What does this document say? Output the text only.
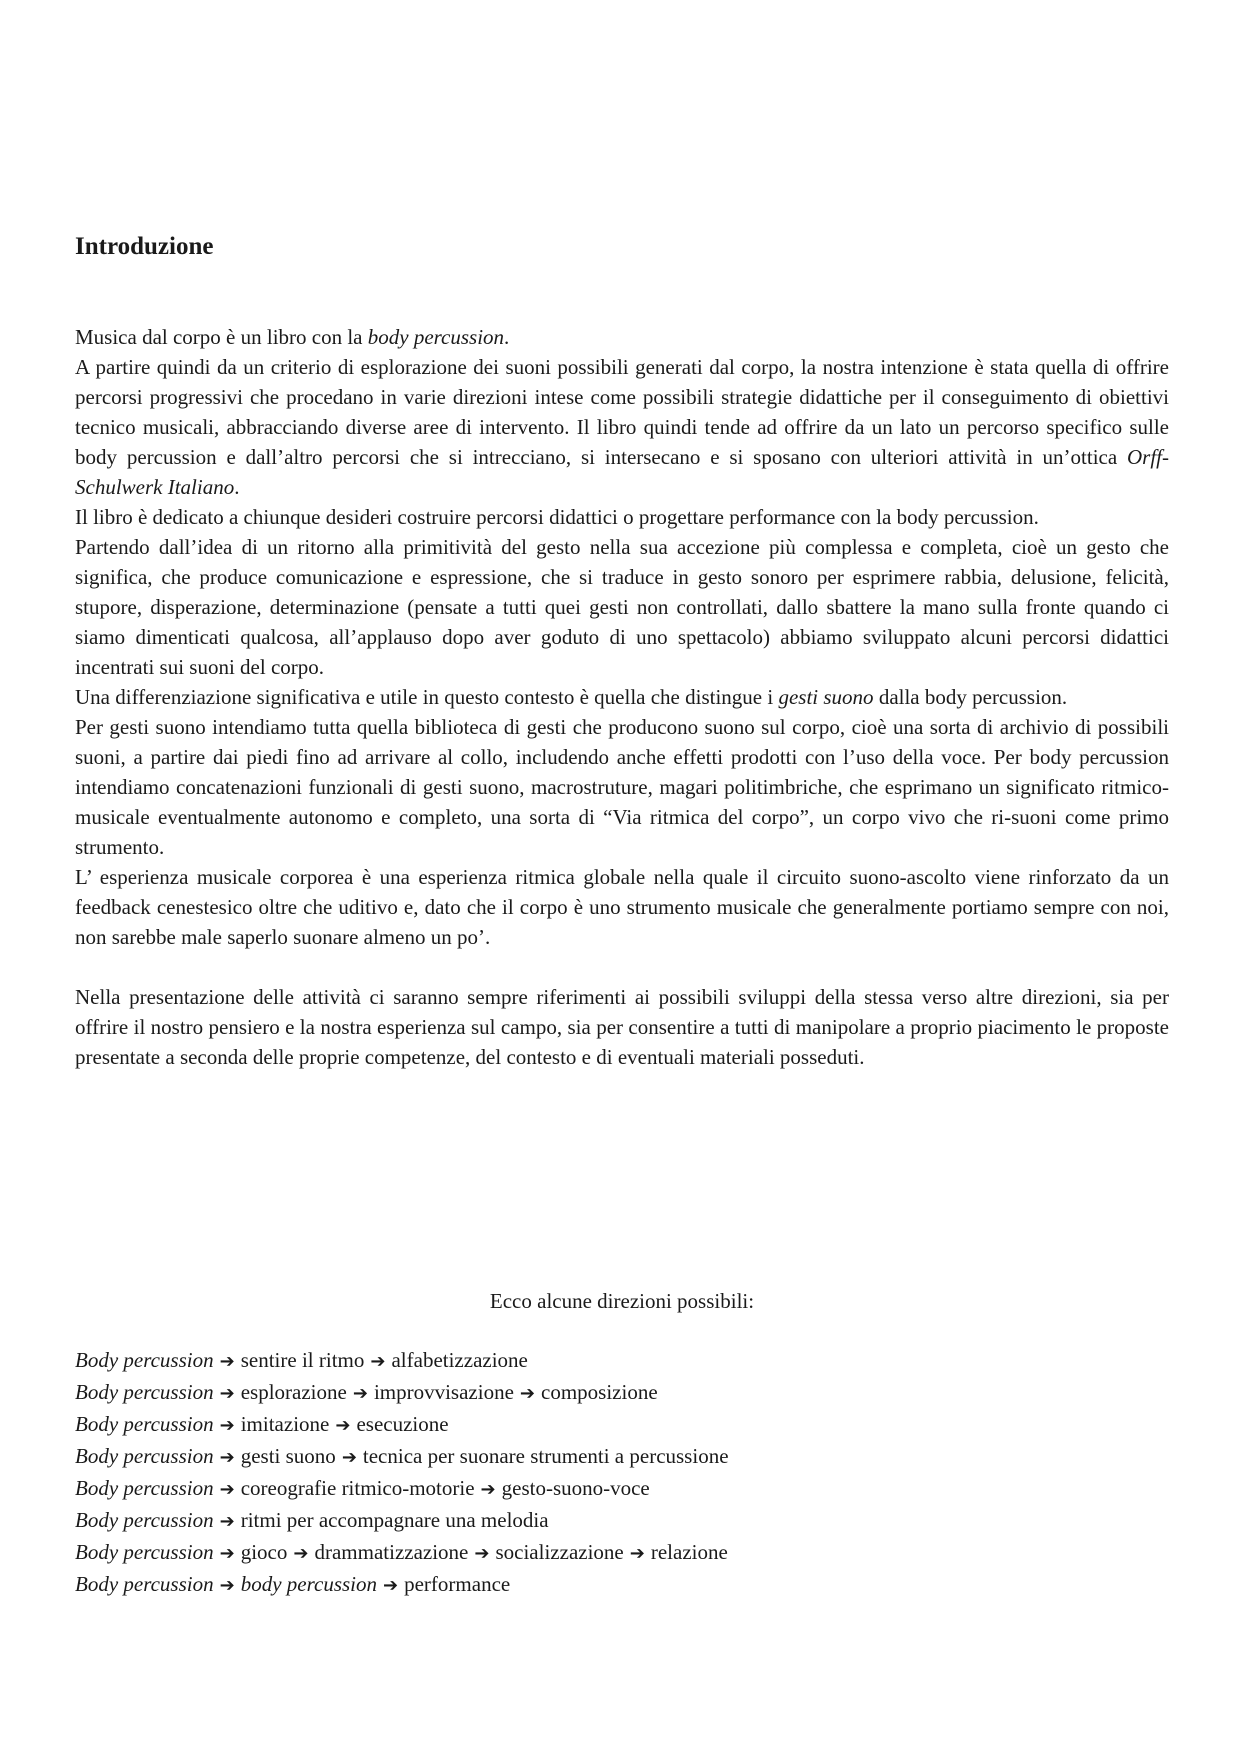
Introduzione

Musica dal corpo è un libro con la body percussion.

A partire quindi da un criterio di esplorazione dei suoni possibili generati dal corpo, la nostra intenzione è stata quella di offrire percorsi progressivi che procedano in varie direzioni intese come possibili strategie didattiche per il conseguimento di obiettivi tecnico musicali, abbracciando diverse aree di intervento. Il libro quindi tende ad offrire da un lato un percorso specifico sulle body percussion e dall’altro percorsi che si intrecciano, si intersecano e si sposano con ulteriori attività in un’ottica Orff-Schulwerk Italiano.

Il libro è dedicato a chiunque desideri costruire percorsi didattici o progettare performance con la body percussion.

Partendo dall’idea di un ritorno alla primitività del gesto nella sua accezione più complessa e completa, cioè un gesto che significa, che produce comunicazione e espressione, che si traduce in gesto sonoro per esprimere rabbia, delusione, felicità, stupore, disperazione, determinazione (pensate a tutti quei gesti non controllati, dallo sbattere la mano sulla fronte quando ci siamo dimenticati qualcosa, all’applauso dopo aver goduto di uno spettacolo) abbiamo sviluppato alcuni percorsi didattici incentrati sui suoni del corpo.

Una differenziazione significativa e utile in questo contesto è quella che distingue i gesti suono dalla body percussion.

Per gesti suono intendiamo tutta quella biblioteca di gesti che producono suono sul corpo, cioè una sorta di archivio di possibili suoni, a partire dai piedi fino ad arrivare al collo, includendo anche effetti prodotti con l’uso della voce. Per body percussion intendiamo concatenazioni funzionali di gesti suono, macrostruture, magari politimbriche, che esprimano un significato ritmico-musicale eventualmente autonomo e completo, una sorta di “Via ritmica del corpo”, un corpo vivo che ri-suoni come primo strumento.

L’ esperienza musicale corporea è una esperienza ritmica globale nella quale il circuito suono-ascolto viene rinforzato da un feedback cenestesico oltre che uditivo e, dato che il corpo è uno strumento musicale che generalmente portiamo sempre con noi, non sarebbe male saperlo suonare almeno un po’.

Nella presentazione delle attività ci saranno sempre riferimenti ai possibili sviluppi della stessa verso altre direzioni, sia per offrire il nostro pensiero e la nostra esperienza sul campo, sia per consentire a tutti di manipolare a proprio piacimento le proposte presentate a seconda delle proprie competenze, del contesto e di eventuali materiali posseduti.

Ecco alcune direzioni possibili:
Body percussion ➔ sentire il ritmo ➔ alfabetizzazione
Body percussion ➔ esplorazione ➔ improvvisazione ➔ composizione
Body percussion ➔ imitazione ➔ esecuzione
Body percussion ➔ gesti suono ➔ tecnica per suonare strumenti a percussione
Body percussion ➔ coreografie ritmico-motorie ➔ gesto-suono-voce
Body percussion ➔ ritmi per accompagnare una melodia
Body percussion ➔ gioco ➔ drammatizzazione ➔ socializzazione ➔ relazione
Body percussion ➔ body percussion ➔ performance
